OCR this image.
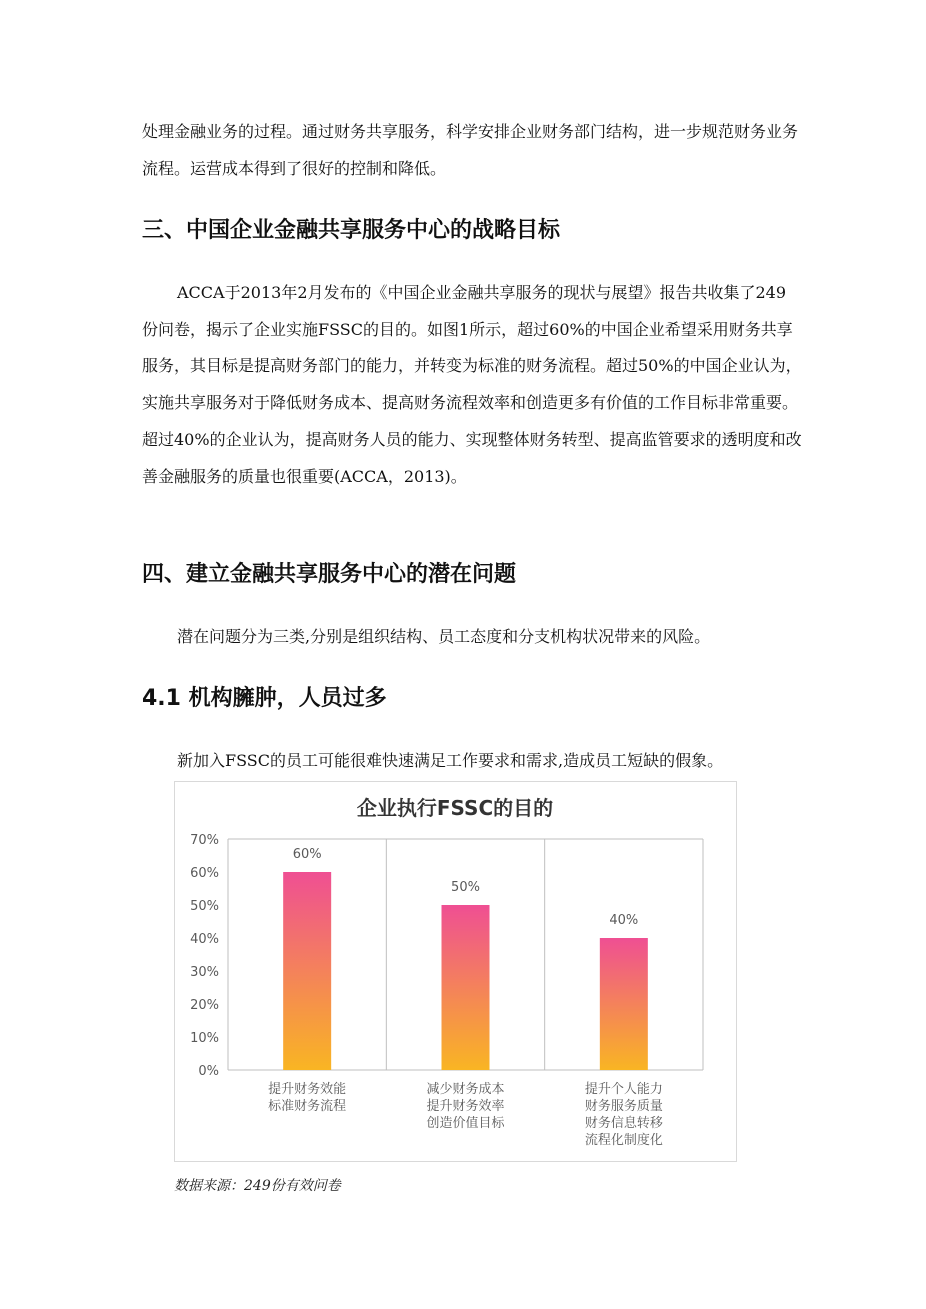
处理金融业务的过程。通过财务共享服务，科学安排企业财务部门结构，进一步规范财务业务流程。运营成本得到了很好的控制和降低。

三、中国企业金融共享服务中心的战略目标

ACCA于2013年2月发布的《中国企业金融共享服务的现状与展望》报告共收集了249份问卷，揭示了企业实施FSSC的目的。如图1所示，超过60%的中国企业希望采用财务共享服务，其目标是提高财务部门的能力，并转变为标准的财务流程。超过50%的中国企业认为，实施共享服务对于降低财务成本、提高财务流程效率和创造更多有价值的工作目标非常重要。超过40%的企业认为，提高财务人员的能力、实现整体财务转型、提高监管要求的透明度和改善金融服务的质量也很重要(ACCA，2013)。

四、建立金融共享服务中心的潜在问题

潜在问题分为三类,分别是组织结构、员工态度和分支机构状况带来的风险。

4.1 机构臃肿，人员过多

新加入FSSC的员工可能很难快速满足工作要求和需求,造成员工短缺的假象。

企业执行FSSC的目的
0%
10%
20%
30%
40%
50%
60%
70%
60%
提升财务效能
标准财务流程
50%
减少财务成本
提升财务效率
创造价值目标
40%
提升个人能力
财务服务质量
财务信息转移
流程化制度化

数据来源：249份有效问卷
